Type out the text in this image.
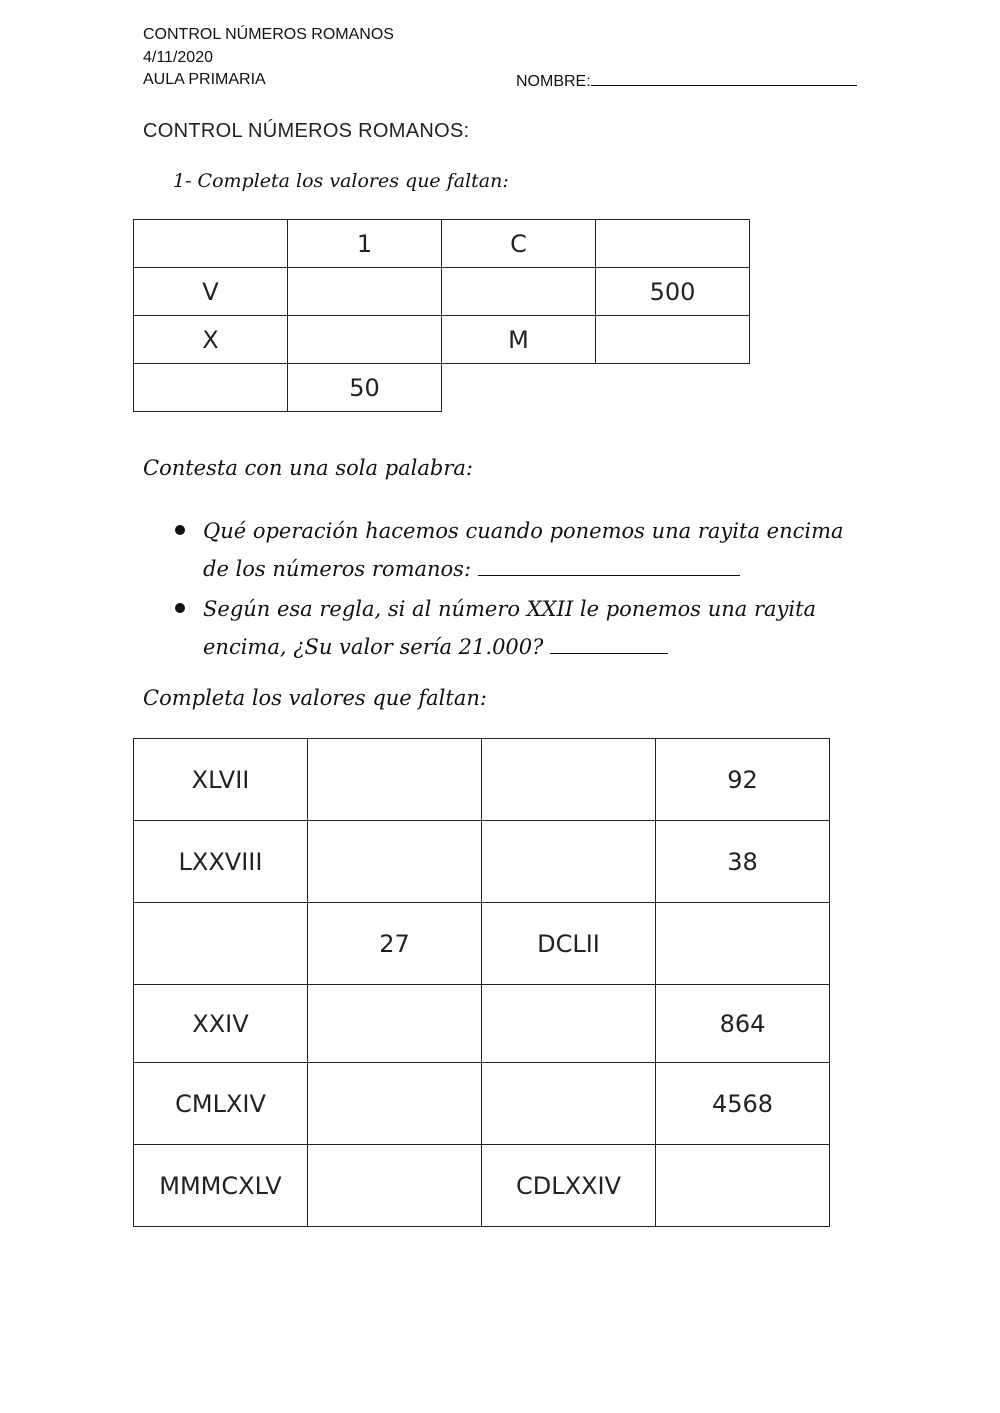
CONTROL NÚMEROS ROMANOS
4/11/2020
AULA PRIMARIA	NOMBRE:
CONTROL NÚMEROS ROMANOS:
1- Completa los valores que faltan:
	1	C	
V			500
X		M	
	50		
Contesta con una sola palabra:
Qué operación hacemos cuando ponemos una rayita encima de los números romanos:
Según esa regla, si al número XXII le ponemos una rayita encima, ¿Su valor sería 21.000?
Completa los valores que faltan:
XLVII			92
LXXVIII			38
	27	DCLII	
XXIV			864
CMLXIV			4568
MMMCXLV		CDLXXIV	
